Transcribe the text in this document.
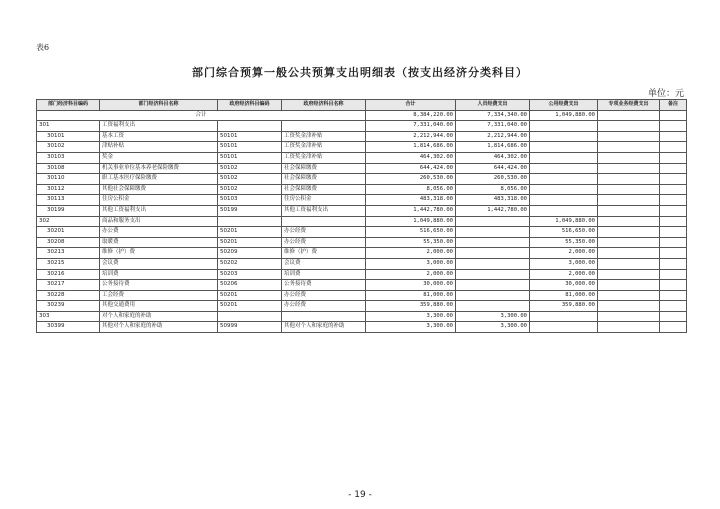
表6
部门综合预算一般公共预算支出明细表（按支出经济分类科目）
单位：元
部门经济科目编码	部门经济科目名称	政府经济科目编码	政府经济科目名称	合计	人员经费支出	公用经费支出	专项业务经费支出	备注
合计				8,384,220.00	7,334,340.00	1,049,880.00		
301	工资福利支出			7,331,040.00	7,331,040.00			
30101	基本工资	50101	工资奖金津补贴	2,212,944.00	2,212,944.00			
30102	津贴补贴	50101	工资奖金津补贴	1,814,686.00	1,814,686.00			
30103	奖金	50101	工资奖金津补贴	464,302.00	464,302.00			
30108	机关事业单位基本养老保险缴费	50102	社会保障缴费	644,424.00	644,424.00			
30110	职工基本医疗保险缴费	50102	社会保障缴费	260,530.00	260,530.00			
30112	其他社会保障缴费	50102	社会保障缴费	8,056.00	8,056.00			
30113	住房公积金	50103	住房公积金	483,318.00	483,318.00			
30199	其他工资福利支出	50199	其他工资福利支出	1,442,780.00	1,442,780.00			
302	商品和服务支出			1,049,880.00		1,049,880.00		
30201	办公费	50201	办公经费	516,650.00		516,650.00		
30208	取暖费	50201	办公经费	55,350.00		55,350.00		
30213	维修（护）费	50209	维修（护）费	2,000.00		2,000.00		
30215	会议费	50202	会议费	3,000.00		3,000.00		
30216	培训费	50203	培训费	2,000.00		2,000.00		
30217	公务接待费	50206	公务接待费	30,000.00		30,000.00		
30228	工会经费	50201	办公经费	81,000.00		81,000.00		
30239	其他交通费用	50201	办公经费	359,880.00		359,880.00		
303	对个人和家庭的补助			3,300.00	3,300.00			
30399	其他对个人和家庭的补助	50999	其他对个人和家庭的补助	3,300.00	3,300.00			
- 19 -
